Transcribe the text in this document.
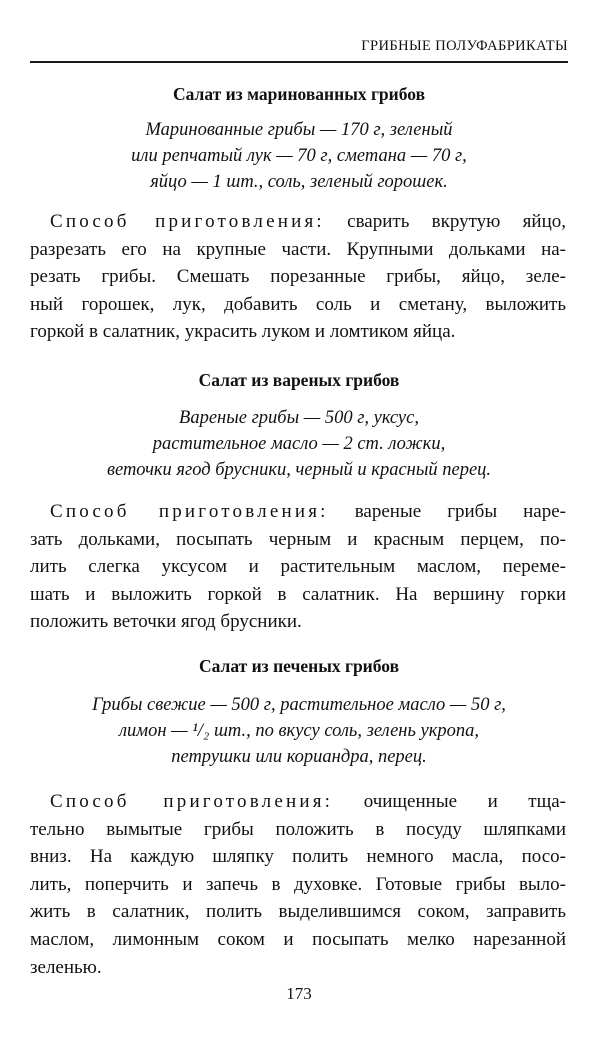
ГРИБНЫЕ ПОЛУФАБРИКАТЫ
Салат из маринованных грибов

Маринованные грибы — 170 г, зеленый
или репчатый лук — 70 г, сметана — 70 г,
яйцо — 1 шт., соль, зеленый горошек.

Способ приготовления: сварить вкрутую яйцо,
разрезать его на крупные части. Крупными дольками на-
резать грибы. Смешать порезанные грибы, яйцо, зеле-
ный горошек, лук, добавить соль и сметану, выложить
горкой в салатник, украсить луком и ломтиком яйца.

Салат из вареных грибов

Вареные грибы — 500 г, уксус,
растительное масло — 2 ст. ложки,
веточки ягод брусники, черный и красный перец.

Способ приготовления: вареные грибы наре-
зать дольками, посыпать черным и красным перцем, по-
лить слегка уксусом и растительным маслом, переме-
шать и выложить горкой в салатник. На вершину горки
положить веточки ягод брусники.

Салат из печеных грибов

Грибы свежие — 500 г, растительное масло — 50 г,
лимон — ¹/₂ шт., по вкусу соль, зелень укропа,
петрушки или кориандра, перец.

Способ приготовления: очищенные и тща-
тельно вымытые грибы положить в посуду шляпками
вниз. На каждую шляпку полить немного масла, посо-
лить, поперчить и запечь в духовке. Готовые грибы выло-
жить в салатник, полить выделившимся соком, заправить
маслом, лимонным соком и посыпать мелко нарезанной
зеленью.

173
